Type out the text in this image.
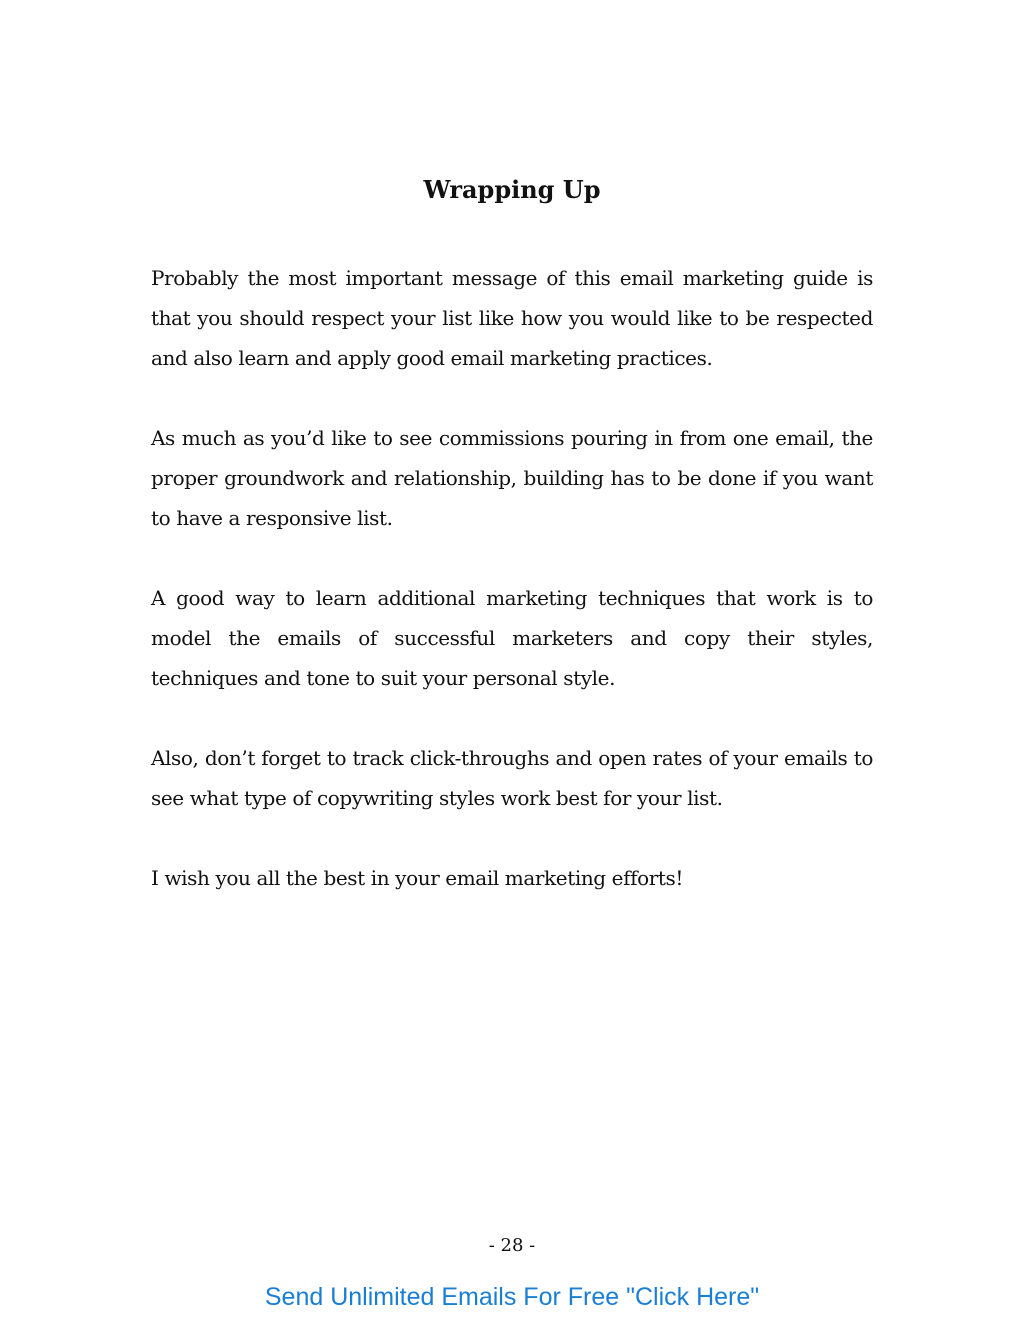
Wrapping Up

Probably the most important message of this email marketing guide is that you should respect your list like how you would like to be respected and also learn and apply good email marketing practices.

As much as you’d like to see commissions pouring in from one email, the proper groundwork and relationship, building has to be done if you want to have a responsive list.

A good way to learn additional marketing techniques that work is to model the emails of successful marketers and copy their styles, techniques and tone to suit your personal style.

Also, don’t forget to track click-throughs and open rates of your emails to see what type of copywriting styles work best for your list.

I wish you all the best in your email marketing efforts!

- 28 -
Send Unlimited Emails For Free "Click Here"
